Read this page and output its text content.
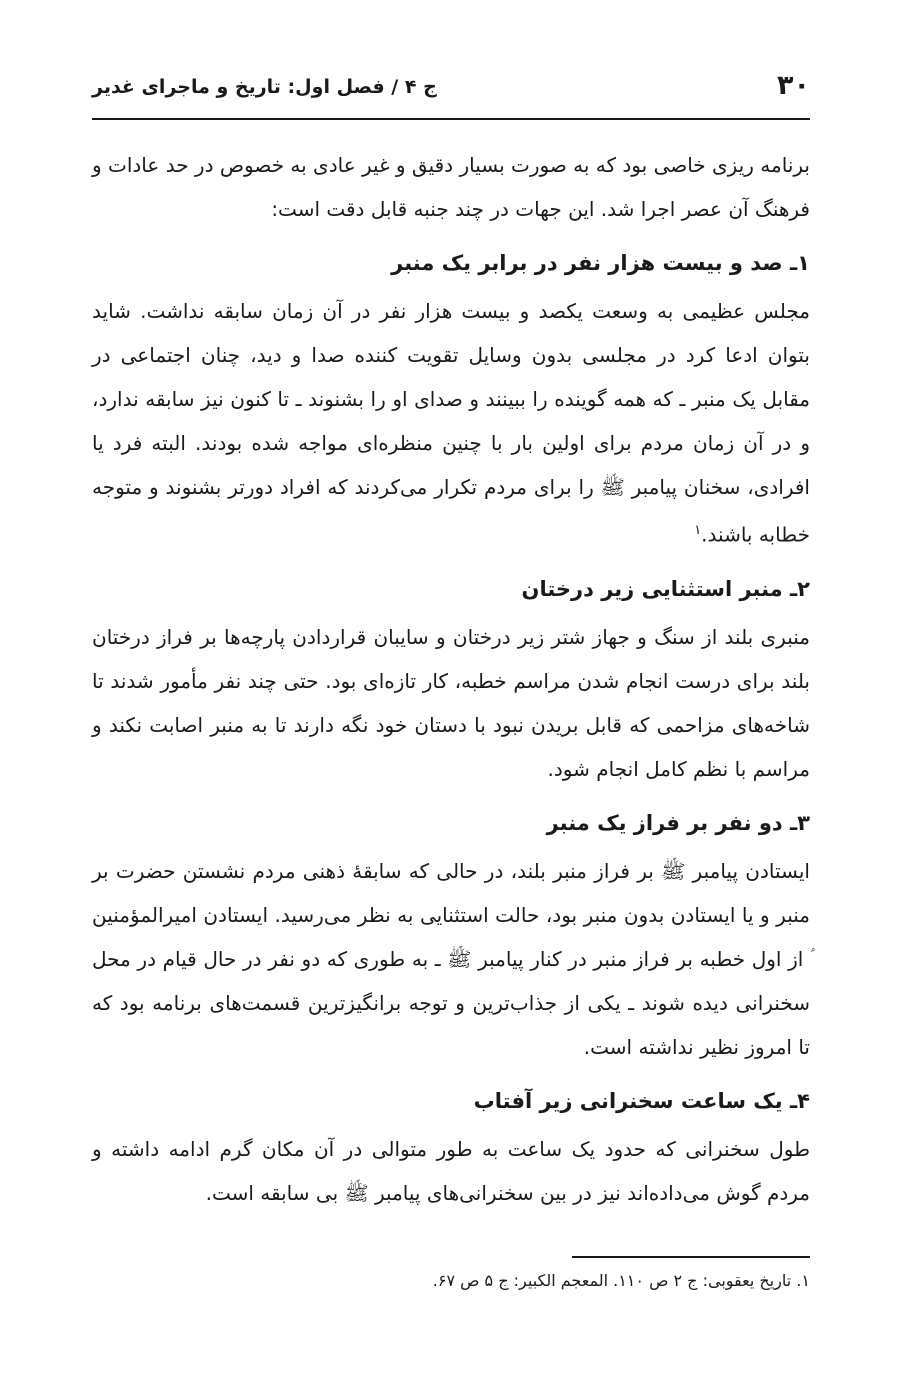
۳۰
ج ۴ / فصل اول: تاریخ و ماجرای غدیر

برنامه ریزی خاصی بود که به صورت بسیار دقیق و غیر عادی به خصوص در حد عادات و فرهنگ آن عصر اجرا شد. این جهات در چند جنبه قابل دقت است:

۱ـ صد و بیست هزار نفر در برابر یک منبر

مجلس عظیمی به وسعت یکصد و بیست هزار نفر در آن زمان سابقه نداشت. شاید بتوان ادعا کرد در مجلسی بدون وسایل تقویت کننده صدا و دید، چنان اجتماعی در مقابل یک منبر ـ که همه گوینده را ببینند و صدای او را بشنوند ـ تا کنون نیز سابقه ندارد، و در آن زمان مردم برای اولین بار با چنین منظره‌ای مواجه شده بودند. البته فرد یا افرادی، سخنان پیامبر ﷺ را برای مردم تکرار می‌کردند که افراد دورتر بشنوند و متوجه خطابه باشند.$^۱$

۲ـ منبر استثنایی زیر درختان

منبری بلند از سنگ و جهاز شتر زیر درختان و سایبان قراردادن پارچه‌ها بر فراز درختان بلند برای درست انجام شدن مراسم خطبه، کار تازه‌ای بود. حتی چند نفر مأمور شدند تا شاخه‌های مزاحمی که قابل بریدن نبود با دستان خود نگه دارند تا به منبر اصابت نکند و مراسم با نظم کامل انجام شود.

۳ـ دو نفر بر فراز یک منبر

ایستادن پیامبر ﷺ بر فراز منبر بلند، در حالی که سابقهٔ ذهنی مردم نشستن حضرت بر منبر و یا ایستادن بدون منبر بود، حالت استثنایی به نظر می‌رسید. ایستادن امیرالمؤمنین ؑ از اول خطبه بر فراز منبر در کنار پیامبر ﷺ ـ به طوری که دو نفر در حال قیام در محل سخنرانی دیده شوند ـ یکی از جذاب‌ترین و توجه برانگیزترین قسمت‌های برنامه بود که تا امروز نظیر نداشته است.

۴ـ یک ساعت سخنرانی زیر آفتاب

طول سخنرانی که حدود یک ساعت به طور متوالی در آن مکان گرم ادامه داشته و مردم گوش می‌داده‌اند نیز در بین سخنرانی‌های پیامبر ﷺ بی سابقه است.

۱. تاریخ یعقوبی: ج ۲ ص ۱۱۰. المعجم الکبیر: ج ۵ ص ۶۷.
